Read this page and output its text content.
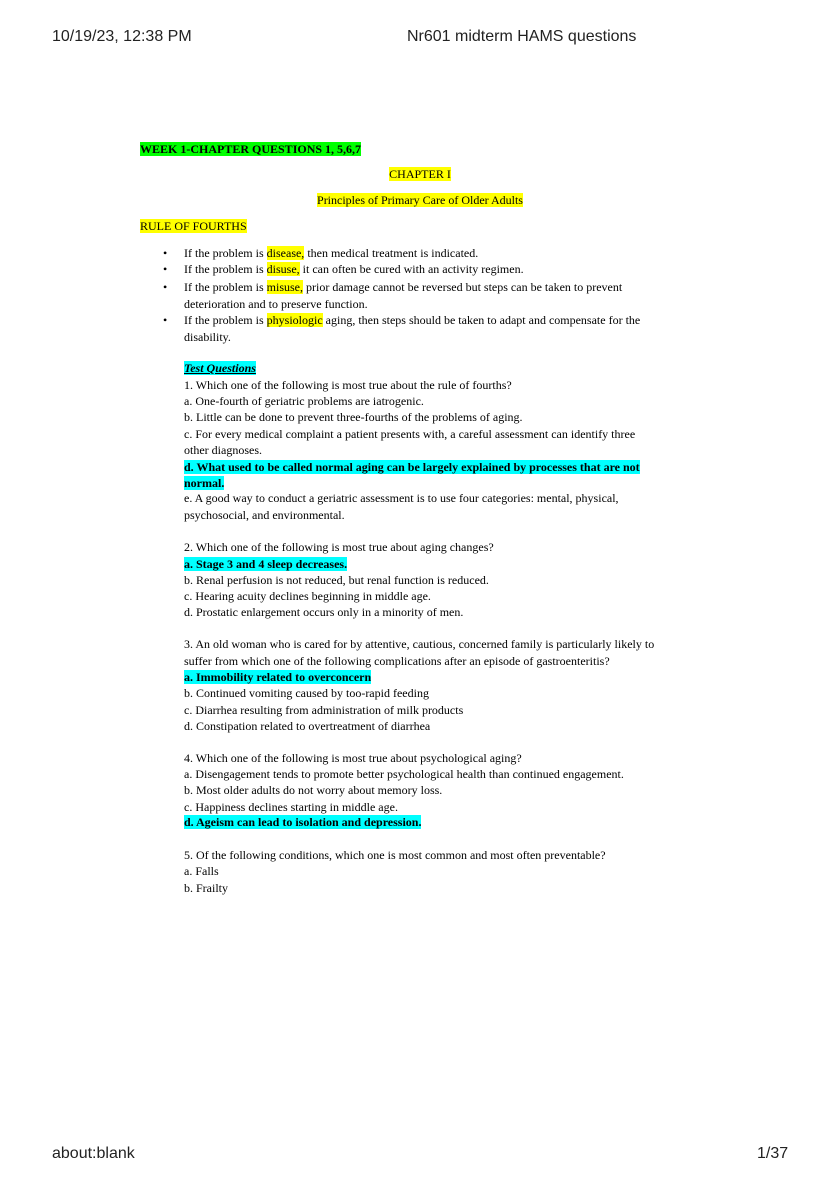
10/19/23, 12:38 PM	Nr601 midterm HAMS questions
WEEK 1-CHAPTER QUESTIONS 1, 5,6,7
CHAPTER I
Principles of Primary Care of Older Adults
RULE OF FOURTHS
• If the problem is disease, then medical treatment is indicated.
• If the problem is disuse, it can often be cured with an activity regimen.
• If the problem is misuse, prior damage cannot be reversed but steps can be taken to prevent
deterioration and to preserve function.
• If the problem is physiologic aging, then steps should be taken to adapt and compensate for the
disability.
Test Questions
1. Which one of the following is most true about the rule of fourths?
a. One-fourth of geriatric problems are iatrogenic.
b. Little can be done to prevent three-fourths of the problems of aging.
c. For every medical complaint a patient presents with, a careful assessment can identify three
other diagnoses.
d. What used to be called normal aging can be largely explained by processes that are not
normal.
e. A good way to conduct a geriatric assessment is to use four categories: mental, physical,
psychosocial, and environmental.
2. Which one of the following is most true about aging changes?
a. Stage 3 and 4 sleep decreases.
b. Renal perfusion is not reduced, but renal function is reduced.
c. Hearing acuity declines beginning in middle age.
d. Prostatic enlargement occurs only in a minority of men.
3. An old woman who is cared for by attentive, cautious, concerned family is particularly likely to
suffer from which one of the following complications after an episode of gastroenteritis?
a. Immobility related to overconcern
b. Continued vomiting caused by too-rapid feeding
c. Diarrhea resulting from administration of milk products
d. Constipation related to overtreatment of diarrhea
4. Which one of the following is most true about psychological aging?
a. Disengagement tends to promote better psychological health than continued engagement.
b. Most older adults do not worry about memory loss.
c. Happiness declines starting in middle age.
d. Ageism can lead to isolation and depression.
5. Of the following conditions, which one is most common and most often preventable?
a. Falls
b. Frailty
about:blank	1/37
